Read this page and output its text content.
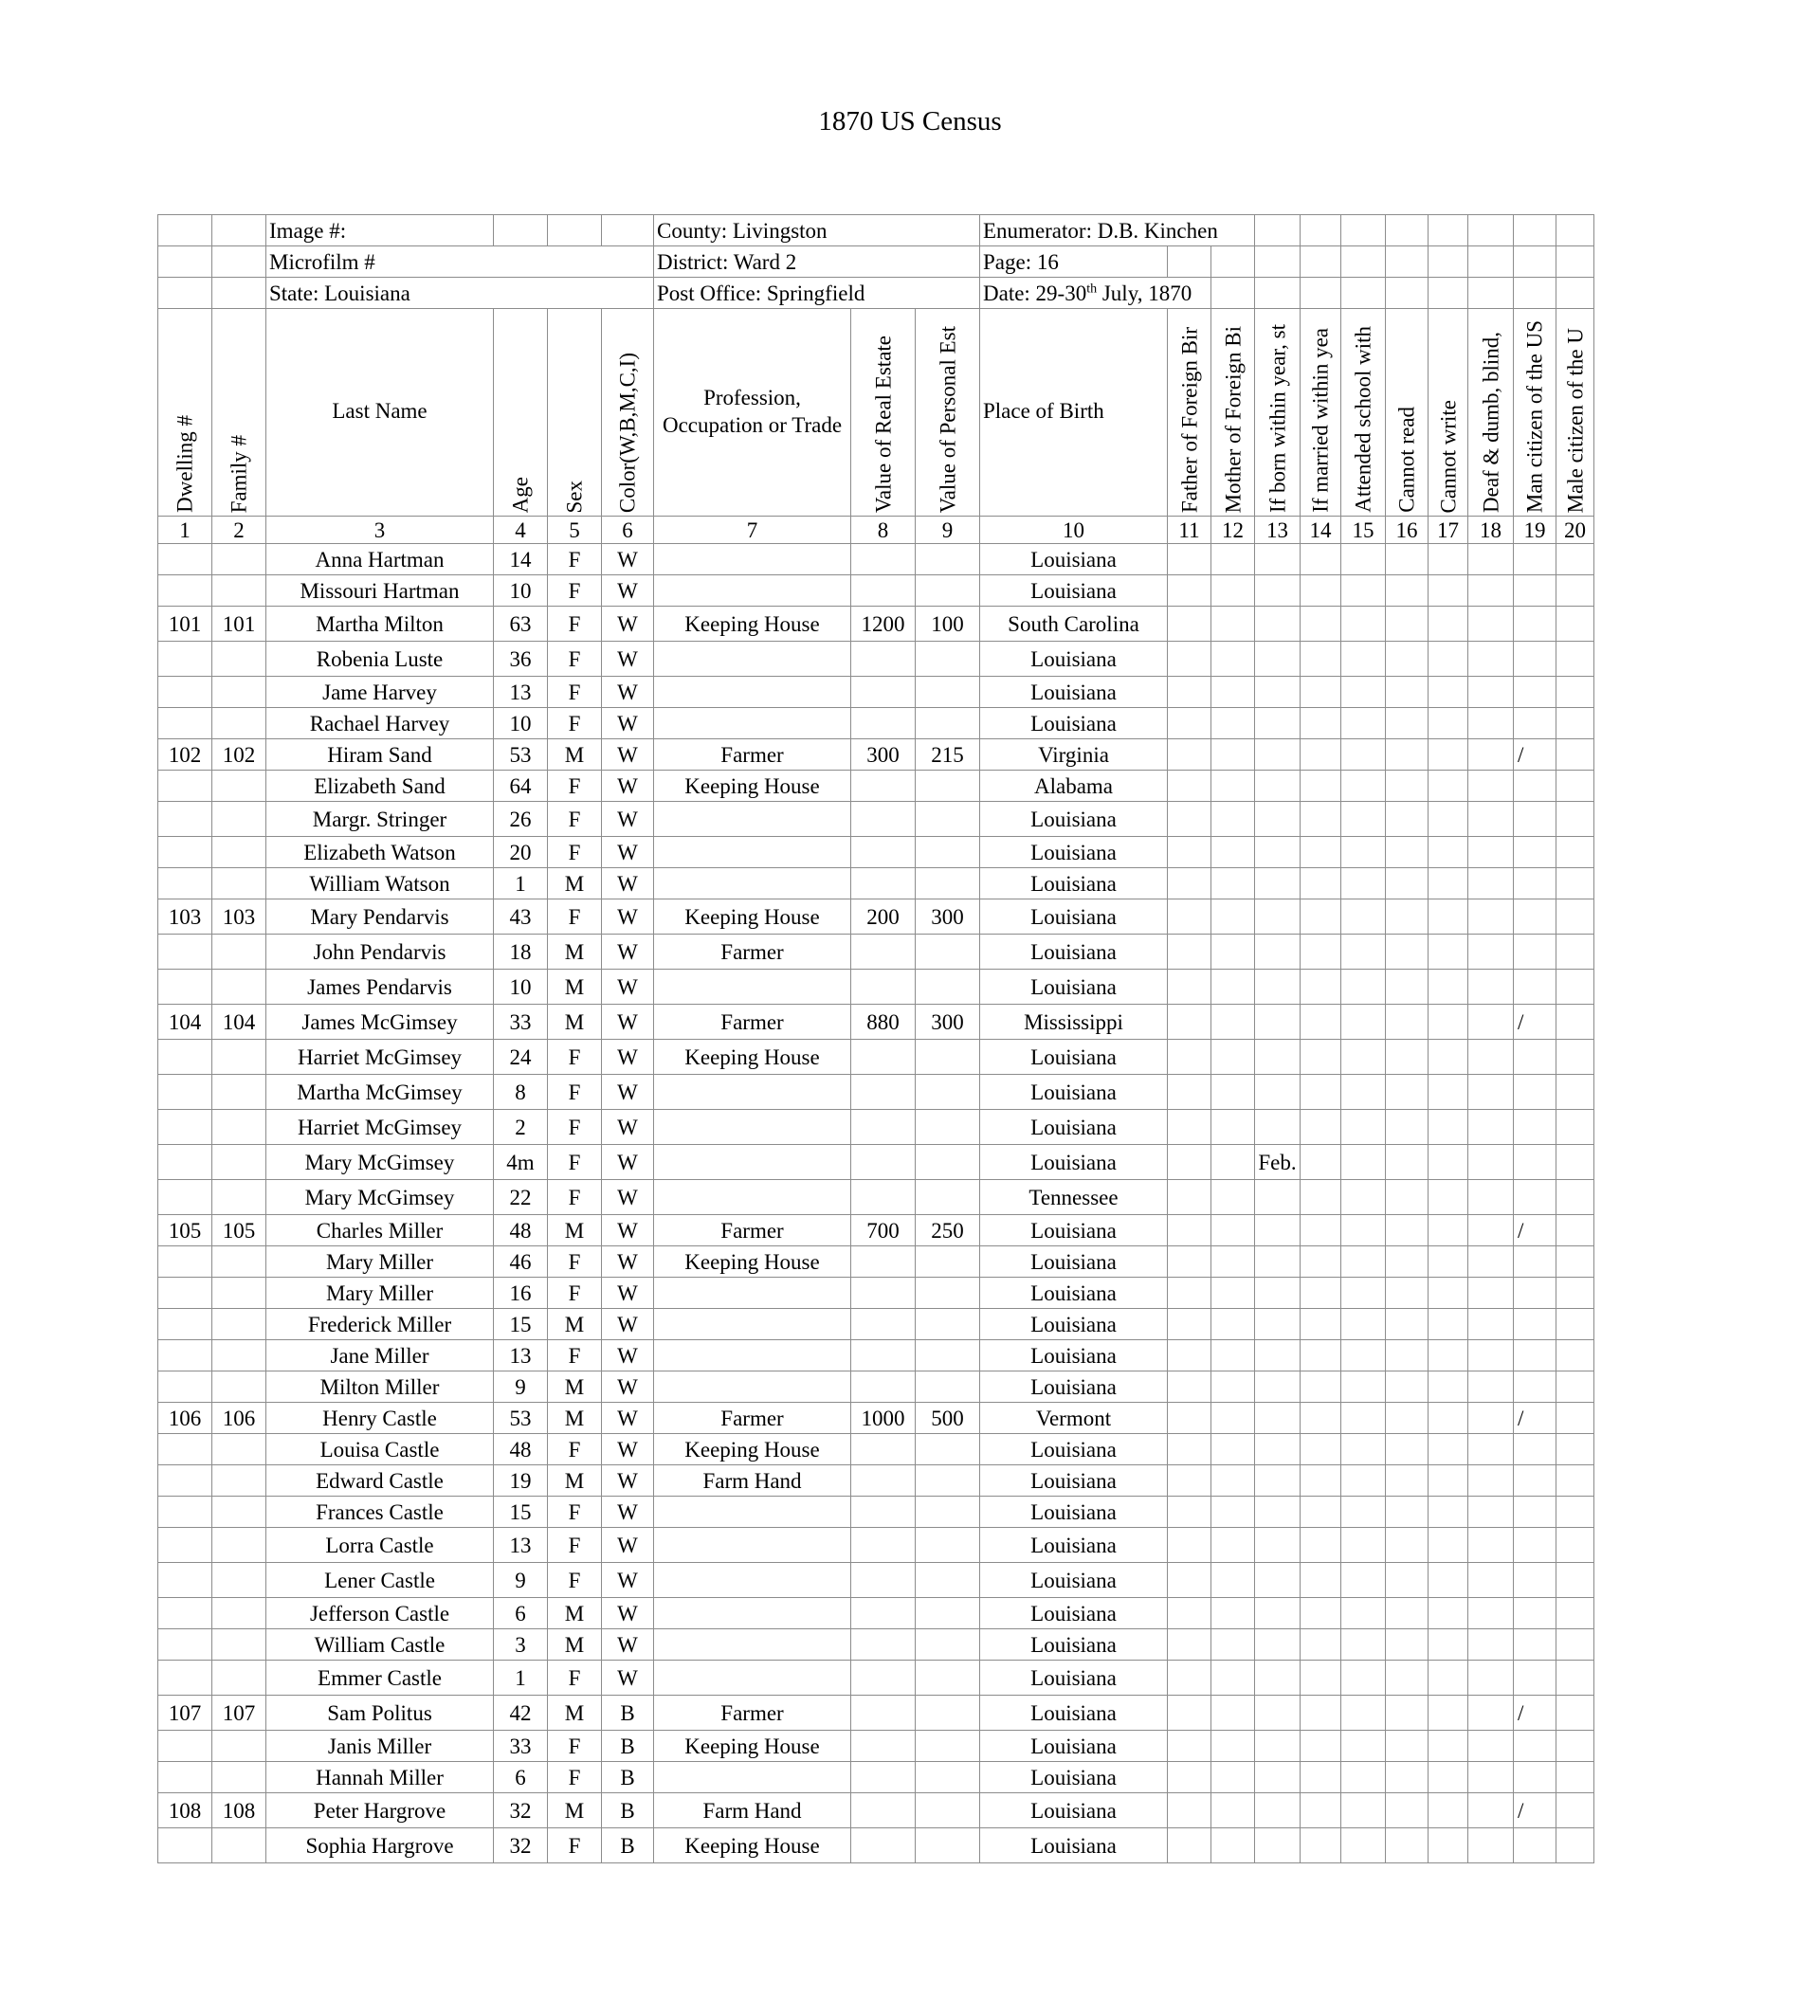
1870 US Census
		Image #:				County: Livingston			Enumerator: D.B. Kinchen										
		Microfilm #				District: Ward 2			Page: 16										
		State: Louisiana				Post Office: Springfield			Date: 29-30th July, 1870										

Dwelling #	Family #	Last Name	Age	Sex	Color(W,B,M,C,I)	Profession, Occupation or Trade	Value of Real Estate	Value of Personal Est	Place of Birth	Father of Foreign Bir	Mother of Foreign Bi	If born within year, st	If married within yea	Attended school with	Cannot read	Cannot write	Deaf & dumb, blind,	Man citizen of the US	Male citizen of the U

1	2	3	4	5	6	7	8	9	10	11	12	13	14	15	16	17	18	19	20
		Anna Hartman	14	F	W				Louisiana										
		Missouri Hartman	10	F	W				Louisiana										
101	101	Martha Milton	63	F	W	Keeping House	1200	100	South Carolina										
		Robenia Luste	36	F	W				Louisiana										
		Jame Harvey	13	F	W				Louisiana										
		Rachael Harvey	10	F	W				Louisiana										
102	102	Hiram Sand	53	M	W	Farmer	300	215	Virginia									/	
		Elizabeth Sand	64	F	W	Keeping House			Alabama										
		Margr. Stringer	26	F	W				Louisiana										
		Elizabeth Watson	20	F	W				Louisiana										
		William Watson	1	M	W				Louisiana										
103	103	Mary Pendarvis	43	F	W	Keeping House	200	300	Louisiana										
		John Pendarvis	18	M	W	Farmer			Louisiana										
		James Pendarvis	10	M	W				Louisiana										
104	104	James McGimsey	33	M	W	Farmer	880	300	Mississippi									/	
		Harriet McGimsey	24	F	W	Keeping House			Louisiana										
		Martha McGimsey	8	F	W				Louisiana										
		Harriet McGimsey	2	F	W				Louisiana										
		Mary McGimsey	4m	F	W				Louisiana			Feb.							
		Mary McGimsey	22	F	W				Tennessee										
105	105	Charles Miller	48	M	W	Farmer	700	250	Louisiana									/	
		Mary Miller	46	F	W	Keeping House			Louisiana										
		Mary Miller	16	F	W				Louisiana										
		Frederick Miller	15	M	W				Louisiana										
		Jane Miller	13	F	W				Louisiana										
		Milton Miller	9	M	W				Louisiana										
106	106	Henry Castle	53	M	W	Farmer	1000	500	Vermont									/	
		Louisa Castle	48	F	W	Keeping House			Louisiana										
		Edward Castle	19	M	W	Farm Hand			Louisiana										
		Frances Castle	15	F	W				Louisiana										
		Lorra Castle	13	F	W				Louisiana										
		Lener Castle	9	F	W				Louisiana										
		Jefferson Castle	6	M	W				Louisiana										
		William Castle	3	M	W				Louisiana										
		Emmer Castle	1	F	W				Louisiana										
107	107	Sam Politus	42	M	B	Farmer			Louisiana									/	
		Janis Miller	33	F	B	Keeping House			Louisiana										
		Hannah Miller	6	F	B				Louisiana										
108	108	Peter Hargrove	32	M	B	Farm Hand			Louisiana									/	
		Sophia Hargrove	32	F	B	Keeping House			Louisiana										
